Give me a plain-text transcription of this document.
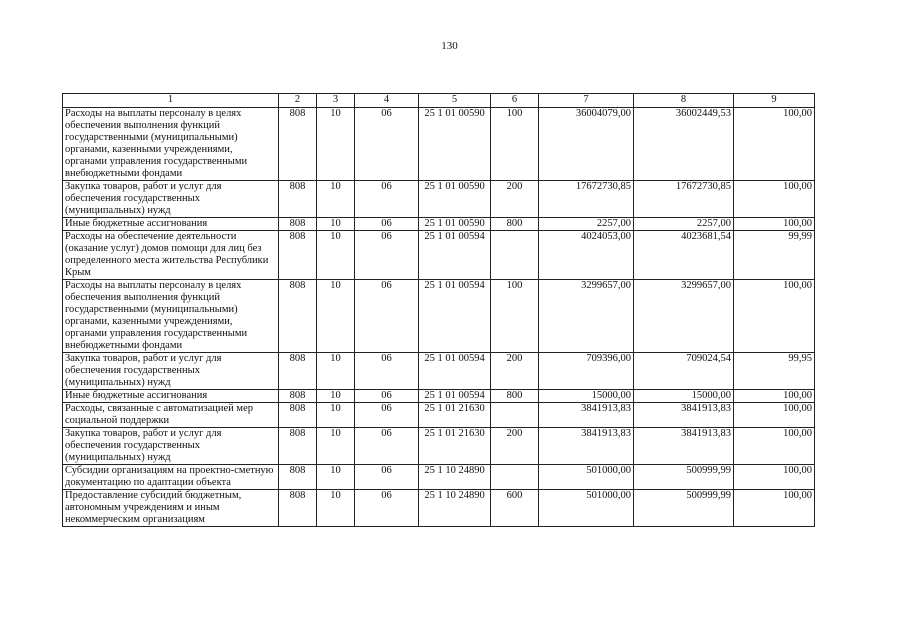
130
1	2	3	4	5	6	7	8	9
Расходы на выплаты персоналу в целях обеспечения выполнения функций государственными (муниципальными) органами, казенными учреждениями, органами управления государственными внебюджетными фондами	808	10	06	25 1 01 00590	100	36004079,00	36002449,53	100,00
Закупка товаров, работ и услуг для обеспечения государственных (муниципальных) нужд	808	10	06	25 1 01 00590	200	17672730,85	17672730,85	100,00
Иные бюджетные ассигнования	808	10	06	25 1 01 00590	800	2257,00	2257,00	100,00
Расходы на обеспечение деятельности (оказание услуг) домов помощи для лиц без определенного места жительства Республики Крым	808	10	06	25 1 01 00594		4024053,00	4023681,54	99,99
Расходы на выплаты персоналу в целях обеспечения выполнения функций государственными (муниципальными) органами, казенными учреждениями, органами управления государственными внебюджетными фондами	808	10	06	25 1 01 00594	100	3299657,00	3299657,00	100,00
Закупка товаров, работ и услуг для обеспечения государственных (муниципальных) нужд	808	10	06	25 1 01 00594	200	709396,00	709024,54	99,95
Иные бюджетные ассигнования	808	10	06	25 1 01 00594	800	15000,00	15000,00	100,00
Расходы, связанные с автоматизацией мер социальной поддержки	808	10	06	25 1 01 21630		3841913,83	3841913,83	100,00
Закупка товаров, работ и услуг для обеспечения государственных (муниципальных) нужд	808	10	06	25 1 01 21630	200	3841913,83	3841913,83	100,00
Субсидии организациям на проектно-сметную документацию по адаптации объекта	808	10	06	25 1 10 24890		501000,00	500999,99	100,00
Предоставление субсидий бюджетным, автономным учреждениям и иным некоммерческим организациям	808	10	06	25 1 10 24890	600	501000,00	500999,99	100,00
